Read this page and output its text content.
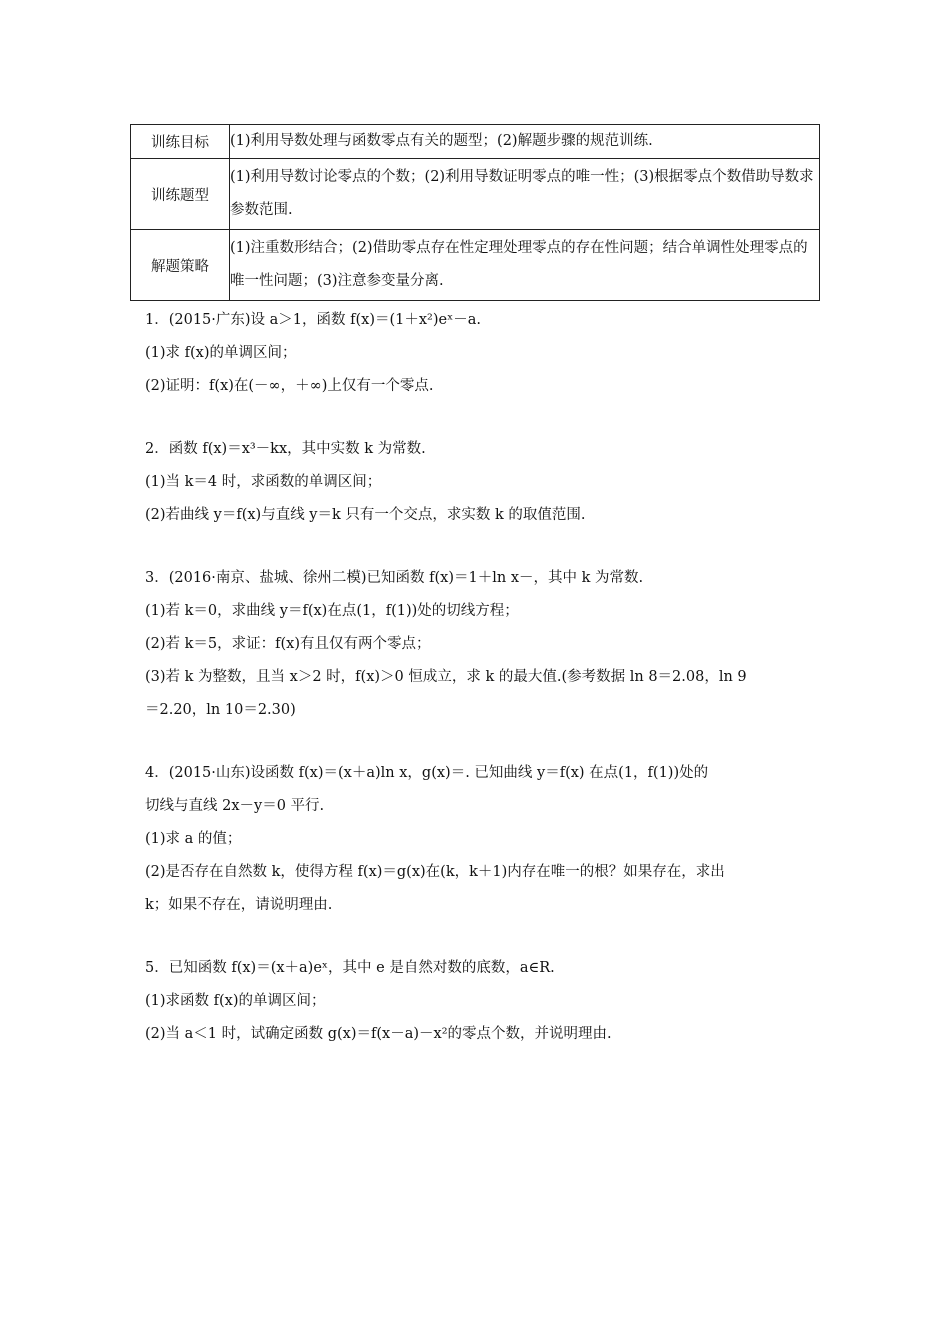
训练目标	(1)利用导数处理与函数零点有关的题型；(2)解题步骤的规范训练.
训练题型	(1)利用导数讨论零点的个数；(2)利用导数证明零点的唯一性；(3)根据零点个数借助导数求参数范围.
解题策略	(1)注重数形结合；(2)借助零点存在性定理处理零点的存在性问题；结合单调性处理零点的唯一性问题；(3)注意参变量分离.
1．(2015·广东)设 a＞1，函数 f(x)＝(1＋x²)eˣ－a.
(1)求 f(x)的单调区间；
(2)证明：f(x)在(－∞，＋∞)上仅有一个零点.
2．函数 f(x)＝x³－kx，其中实数 k 为常数.
(1)当 k＝4 时，求函数的单调区间；
(2)若曲线 y＝f(x)与直线 y＝k 只有一个交点，求实数 k 的取值范围.
3．(2016·南京、盐城、徐州二模)已知函数 f(x)＝1＋ln x－，其中 k 为常数.
(1)若 k＝0，求曲线 y＝f(x)在点(1，f(1))处的切线方程；
(2)若 k＝5，求证：f(x)有且仅有两个零点；
(3)若 k 为整数，且当 x＞2 时，f(x)＞0 恒成立，求 k 的最大值.(参考数据 ln 8＝2.08，ln 9
＝2.20，ln 10＝2.30)
4．(2015·山东)设函数 f(x)＝(x＋a)ln x，g(x)＝. 已知曲线 y＝f(x) 在点(1，f(1))处的
切线与直线 2x－y＝0 平行.
(1)求 a 的值；
(2)是否存在自然数 k，使得方程 f(x)＝g(x)在(k，k＋1)内存在唯一的根？如果存在，求出
k；如果不存在，请说明理由.
5．已知函数 f(x)＝(x＋a)eˣ，其中 e 是自然对数的底数，a∈R.
(1)求函数 f(x)的单调区间；
(2)当 a＜1 时，试确定函数 g(x)＝f(x－a)－x²的零点个数，并说明理由.
